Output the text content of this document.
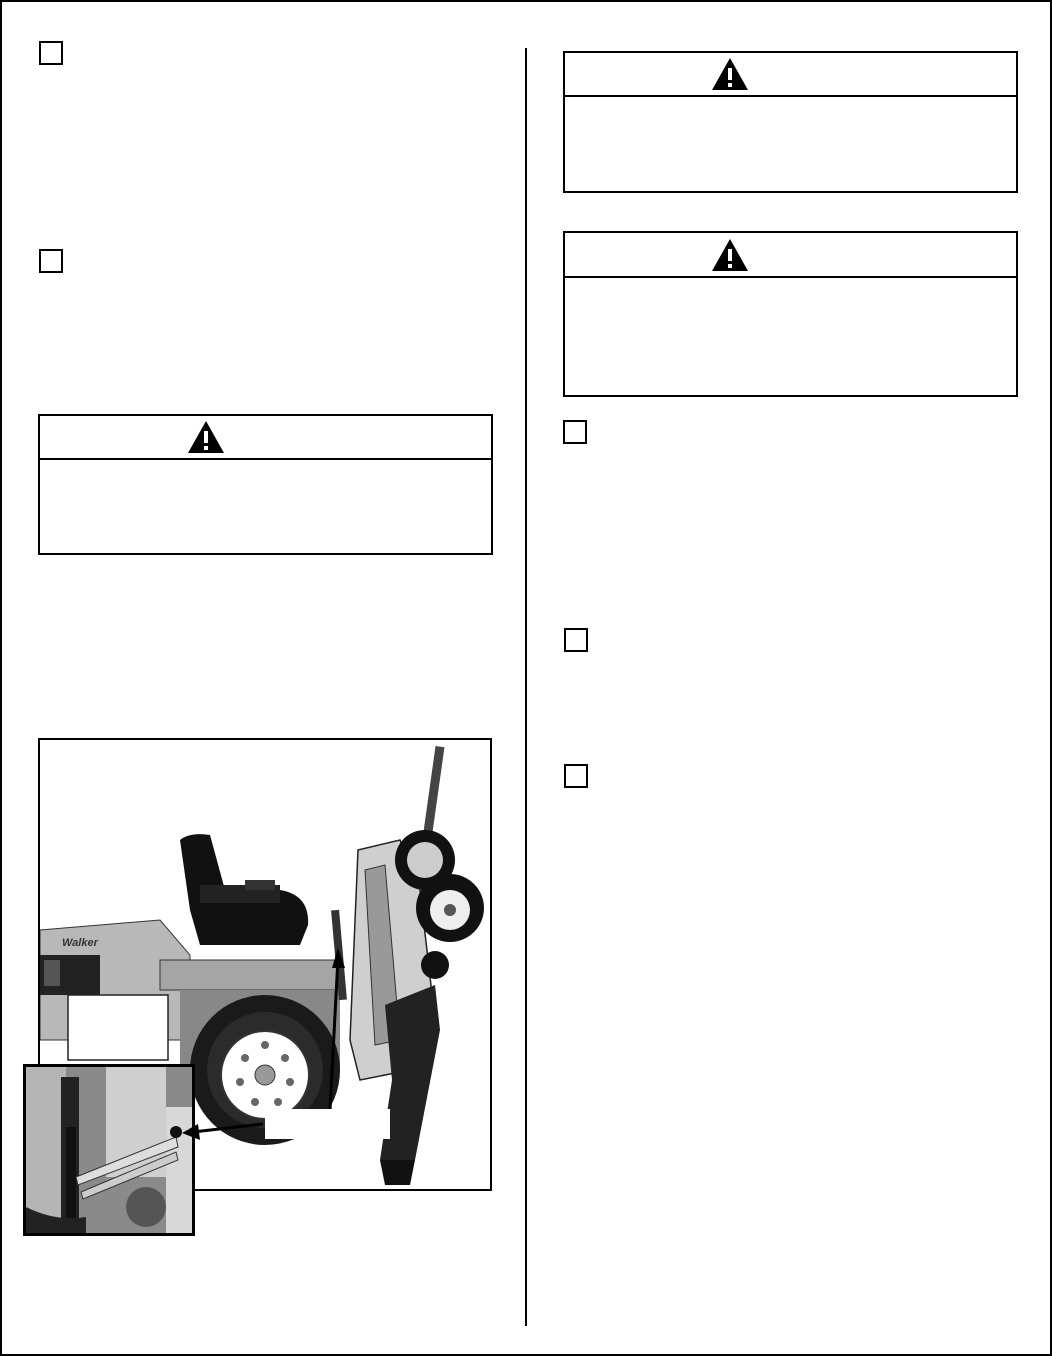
Walker
